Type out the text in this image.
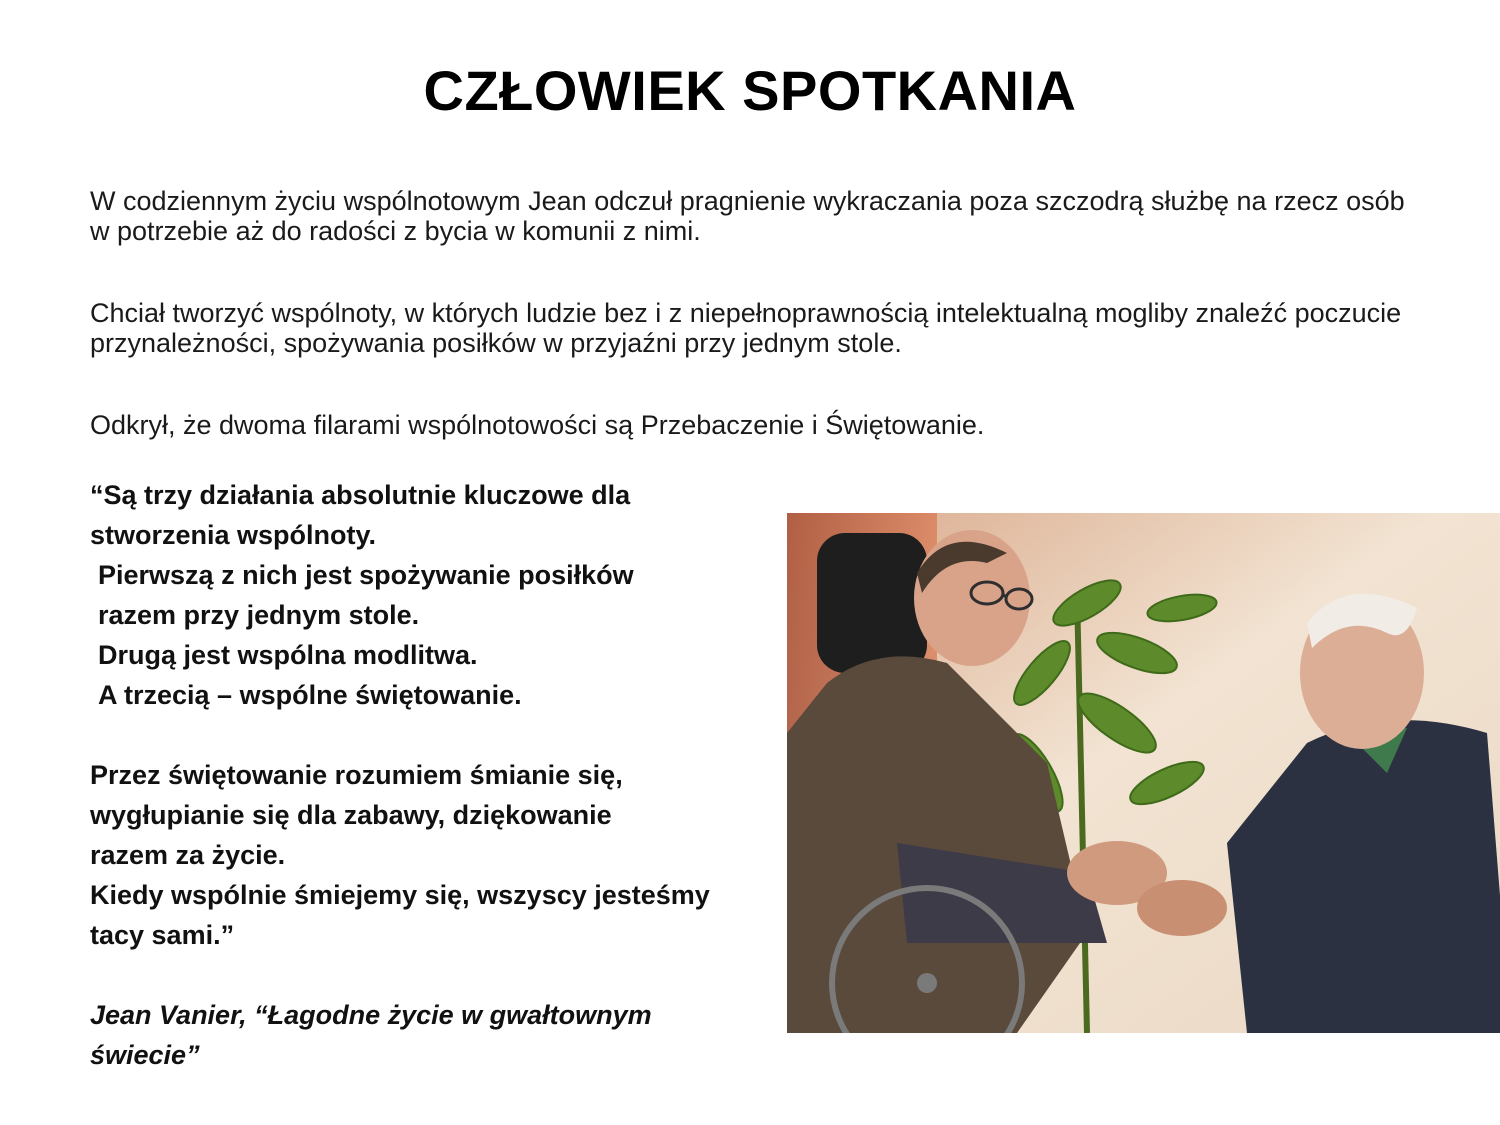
CZŁOWIEK SPOTKANIA
W codziennym życiu wspólnotowym Jean odczuł pragnienie wykraczania poza szczodrą służbę na rzecz osób w potrzebie aż do radości z bycia w komunii z nimi.
Chciał tworzyć wspólnoty, w których ludzie bez i z niepełnoprawnością intelektualną mogliby znaleźć poczucie przynależności, spożywania posiłków w przyjaźni przy jednym stole.
Odkrył, że dwoma filarami wspólnotowości są Przebaczenie i Świętowanie.
“Są trzy działania absolutnie kluczowe dla
stworzenia wspólnoty.
Pierwszą z nich jest spożywanie posiłków
razem przy jednym stole.
Drugą jest wspólna modlitwa.
A trzecią – wspólne świętowanie.
Przez świętowanie rozumiem śmianie się,
wygłupianie się dla zabawy, dziękowanie
razem za życie.
Kiedy wspólnie śmiejemy się, wszyscy jesteśmy
tacy sami.”
Jean Vanier, “Łagodne życie w gwałtownym
świecie”
